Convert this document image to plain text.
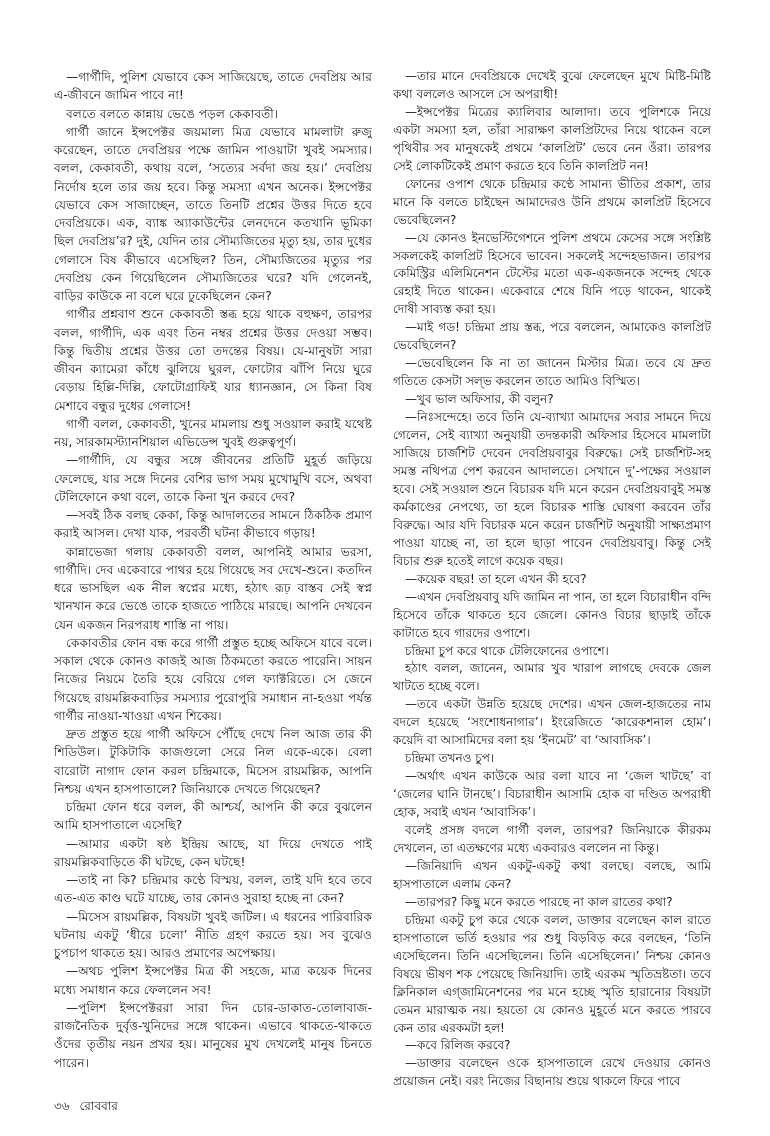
—গার্গীদি, পুলিশ যেভাবে কেস সাজিয়েছে, তাতে দেবপ্রিয় আর এ-জীবনে জামিন পাবে না!

বলতে বলতে কান্নায় ভেঙে পড়ল কেকাবতী।

গার্গী জানে ইন্সপেক্টর জয়মাল্য মিত্র যেভাবে মামলাটা রুজু করেছেন, তাতে দেবপ্রিয়র পক্ষে জামিন পাওয়াটা খুবই সমস্যার। বলল, কেকাবতী, কথায় বলে, ‘সত্যের সর্বদা জয় হয়।’ দেবপ্রিয় নির্দোষ হলে তার জয় হবে। কিন্তু সমস্যা এখন অনেক। ইন্সপেক্টর যেভাবে কেস সাজাচ্ছেন, তাতে তিনটি প্রশ্নের উত্তর দিতে হবে দেবপ্রিয়কে। এক, ব্যাঙ্ক অ্যাকাউন্টের লেনদেনে কতখানি ভূমিকা ছিল দেবপ্রিয়’র? দুই, যেদিন তার সৌম্যজিতের মৃত্যু হয়, তার দুধের গেলাসে বিষ কীভাবে এসেছিল? তিন, সৌম্যজিতের মৃত্যুর পর দেবপ্রিয় কেন গিয়েছিলেন সৌম্যজিতের ঘরে? যদি গেলেনই, বাড়ির কাউকে না বলে ঘরে ঢুকেছিলেন কেন?

গার্গীর প্রশ্নবাণ শুনে কেকাবতী স্তব্ধ হয়ে থাকে বহুক্ষণ, তারপর বলল, গার্গীদি, এক এবং তিন নম্বর প্রশ্নের উত্তর দেওয়া সম্ভব। কিন্তু দ্বিতীয় প্রশ্নের উত্তর তো তদন্তের বিষয়। যে-মানুষটা সারা জীবন ক্যামেরা কাঁধে ঝুলিয়ে ঘুরল, ফোটোর ঝাঁপি নিয়ে ঘুরে বেড়ায় হিল্লি-দিল্লি, ফোটোগ্রাফিই যার ধ্যানজ্ঞান, সে কিনা বিষ মেশাবে বন্ধুর দুধের গেলাসে!

গার্গী বলল, কেকাবতী, খুনের মামলায় শুধু সওয়াল করাই যথেষ্ট নয়, সারকামস্ট্যানশিয়াল এভিডেন্স খুবই গুরুত্বপূর্ণ।

—গার্গীদি, যে বন্ধুর সঙ্গে জীবনের প্রতিটি মুহূর্ত জড়িয়ে ফেলেছে, যার সঙ্গে দিনের বেশির ভাগ সময় মুখোমুখি বসে, অথবা টেলিফোনে কথা বলে, তাকে কিনা খুন করবে দেব?

—সবই ঠিক বলছ কেকা, কিন্তু আদালতের সামনে ঠিকঠিক প্রমাণ করাই আসল। দেখা যাক, পরবর্তী ঘটনা কীভাবে গড়ায়!

কান্নাভেজা গলায় কেকাবতী বলল, আপনিই আমার ভরসা, গার্গীদি। দেব একেবারে পাথর হয়ে গিয়েছে সব দেখে-শুনে। কতদিন ধরে ভাসছিল এক নীল স্বপ্নের মধ্যে, হঠাৎ রূঢ় বাস্তব সেই স্বপ্ন খানখান করে ভেঙে তাকে হাজতে পাঠিয়ে মারছে। আপনি দেখবেন যেন একজন নিরপরাধ শাস্তি না পায়।

কেকাবতীর ফোন বন্ধ করে গার্গী প্রস্তুত হচ্ছে অফিসে যাবে বলে। সকাল থেকে কোনও কাজই আজ ঠিকমতো করতে পারেনি। সায়ন নিজের নিয়মে তৈরি হয়ে বেরিয়ে গেল ফ্যাক্টরিতে। সে জেনে গিয়েছে রায়মল্লিকবাড়ির সমস্যার পুরোপুরি সমাধান না-হওয়া পর্যন্ত গার্গীর নাওয়া-খাওয়া এখন শিকেয়।

দ্রুত প্রস্তুত হয়ে গার্গী অফিসে পৌঁছে দেখে নিল আজ তার কী শিডিউল। টুকিটাকি কাজগুলো সেরে নিল একে-একে। বেলা বারোটা নাগাদ ফোন করল চন্দ্রিমাকে, মিসেস রায়মল্লিক, আপনি নিশ্চয় এখন হাসপাতালে? জিনিয়াকে দেখতে গিয়েছেন?

চন্দ্রিমা ফোন ধরে বলল, কী আশ্চর্য, আপনি কী করে বুঝলেন আমি হাসপাতালে এসেছি?

—আমার একটা ষষ্ঠ ইন্দ্রিয় আছে, যা দিয়ে দেখতে পাই রায়মল্লিকবাড়িতে কী ঘটছে, কেন ঘটছে!

—তাই না কি? চন্দ্রিমার কণ্ঠে বিস্ময়, বলল, তাই যদি হবে তবে এত-এত কাণ্ড ঘটে যাচ্ছে, তার কোনও সুরাহা হচ্ছে না কেন?

—মিসেস রায়মল্লিক, বিষয়টা খুবই জটিল। এ ধরনের পারিবারিক ঘটনায় একটু ‘ধীরে চলো’ নীতি গ্রহণ করতে হয়। সব বুঝেও চুপচাপ থাকতে হয়। আরও প্রমাণের অপেক্ষায়।

—অথচ পুলিশ ইন্সপেক্টর মিত্র কী সহজে, মাত্র কয়েক দিনের মধ্যে সমাধান করে ফেললেন সব!

—পুলিশ ইন্সপেক্টররা সারা দিন চোর-ডাকাত-তোলাবাজ-রাজনৈতিক দুর্বৃত্ত-খুনিদের সঙ্গে থাকেন। এভাবে থাকতে-থাকতে ওঁদের তৃতীয় নয়ন প্রখর হয়। মানুষের মুখ দেখলেই মানুষ চিনতে পারেন।

—তার মানে দেবপ্রিয়কে দেখেই বুঝে ফেলেছেন মুখে মিষ্টি-মিষ্টি কথা বললেও আসলে সে অপরাধী!

—ইন্সপেক্টর মিত্রের ক্যালিবার আলাদা। তবে পুলিশকে নিয়ে একটা সমস্যা হল, তাঁরা সারাক্ষণ কালপ্রিটদের নিয়ে থাকেন বলে পৃথিবীর সব মানুষকেই প্রথমে ‘কালপ্রিট’ ভেবে নেন ওঁরা। তারপর সেই লোকটিকেই প্রমাণ করতে হবে তিনি কালপ্রিট নন!

ফোনের ওপাশ থেকে চন্দ্রিমার কণ্ঠে সামান্য ভীতির প্রকাশ, তার মানে কি বলতে চাইছেন আমাদেরও উনি প্রথমে কালপ্রিট হিসেবে ভেবেছিলেন?

—যে কোনও ইনভেস্টিগেশনে পুলিশ প্রথমে কেসের সঙ্গে সংশ্লিষ্ট সকলকেই কালপ্রিট হিসেবে ভাবেন। সকলেই সন্দেহভাজন। তারপর কেমিস্ট্রির এলিমিনেশন টেস্টের মতো এক-একজনকে সন্দেহ থেকে রেহাই দিতে থাকেন। একেবারে শেষে যিনি পড়ে থাকেন, থাকেই দোষী সাব্যস্ত করা হয়।

—মাই গড! চন্দ্রিমা প্রায় স্তব্ধ, পরে বললেন, আমাকেও কালপ্রিট ভেবেছিলেন?

—ভেবেছিলেন কি না তা জানেন মিস্টার মিত্র। তবে যে দ্রুত গতিতে কেসটা সল্‌ভ করলেন তাতে আমিও বিস্মিত।

—খুব ভাল অফিসার, কী বলুন?

—নিঃসন্দেহে। তবে তিনি যে-ব্যাখ্যা আমাদের সবার সামনে দিয়ে গেলেন, সেই ব্যাখ্যা অনুযায়ী তদন্তকারী অফিসার হিসেবে মামলাটা সাজিয়ে চার্জশিট দেবেন দেবপ্রিয়বাবুর বিরুদ্ধে। সেই চার্জশিট-সহ সমস্ত নথিপত্র পেশ করবেন আদালতে। সেখানে দু’-পক্ষের সওয়াল হবে। সেই সওয়াল শুনে বিচারক যদি মনে করেন দেবপ্রিয়বাবুই সমস্ত কর্মকাণ্ডের নেপথ্যে, তা হলে বিচারক শাস্তি ঘোষণা করবেন তাঁর বিরুদ্ধে। আর যদি বিচারক মনে করেন চার্জশিট অনুযায়ী সাক্ষ্যপ্রমাণ পাওয়া যাচ্ছে না, তা হলে ছাড়া পাবেন দেবপ্রিয়বাবু। কিন্তু সেই বিচার শুরু হতেই লাগে কয়েক বছর।

—কয়েক বছর! তা হলে এখন কী হবে?

—এখন দেবপ্রিয়বাবু যদি জামিন না পান, তা হলে বিচারাধীন বন্দি হিসেবে তাঁকে থাকতে হবে জেলে। কোনও বিচার ছাড়াই তাঁকে কাটাতে হবে গারদের ওপাশে।

চন্দ্রিমা চুপ করে থাকে টেলিফোনের ওপাশে।

হঠাৎ বলল, জানেন, আমার খুব খারাপ লাগছে দেবকে জেল খাটতে হচ্ছে বলে।

—তবে একটা উন্নতি হয়েছে দেশের। এখন জেল-হাজতের নাম বদলে হয়েছে ‘সংশোধনাগার’। ইংরেজিতে ‘কারেকশনাল হোম’। কয়েদি বা আসামিদের বলা হয় ‘ইনমেট’ বা ‘আবাসিক’।

চন্দ্রিমা তখনও চুপ।

—অর্থাৎ এখন কাউকে আর বলা যাবে না ‘জেল খাটছে’ বা ‘জেলের ঘানি টানছে’। বিচারাধীন আসামি হোক বা দণ্ডিত অপরাধী হোক, সবাই এখন ‘আবাসিক’।

বলেই প্রসঙ্গ বদলে গার্গী বলল, তারপর? জিনিয়াকে কীরকম দেখলেন, তা এতক্ষণের মধ্যে একবারও বললেন না কিন্তু।

—জিনিয়াদি এখন একটু-একটু কথা বলছে। বলছে, আমি হাসপাতালে এলাম কেন?

—তারপর? কিছু মনে করতে পারছে না কাল রাতের কথা?

চন্দ্রিমা একটু চুপ করে থেকে বলল, ডাক্তার বলেছেন কাল রাতে হাসপাতালে ভর্তি হওয়ার পর শুধু বিড়বিড় করে বলছেন, ‘তিনি এসেছিলেন। তিনি এসেছিলেন। তিনি এসেছিলেন।’ নিশ্চয় কোনও বিষয়ে ভীষণ শক পেয়েছে জিনিয়াদি। তাই এরকম স্মৃতিভ্রষ্টতা। তবে ক্লিনিকাল এগ্‌জামিনেশনের পর মনে হচ্ছে স্মৃতি হারানোর বিষয়টা তেমন মারাত্মক নয়। হয়তো যে কোনও মুহূর্তে মনে করতে পারবে কেন তার এরকমটা হল!

—কবে রিলিজ করবে?

—ডাক্তার বলেছেন ওকে হাসপাতালে রেখে দেওয়ার কোনও প্রয়োজন নেই। বরং নিজের বিছানায় শুয়ে থাকলে ফিরে পাবে

৩৬ রোববার
